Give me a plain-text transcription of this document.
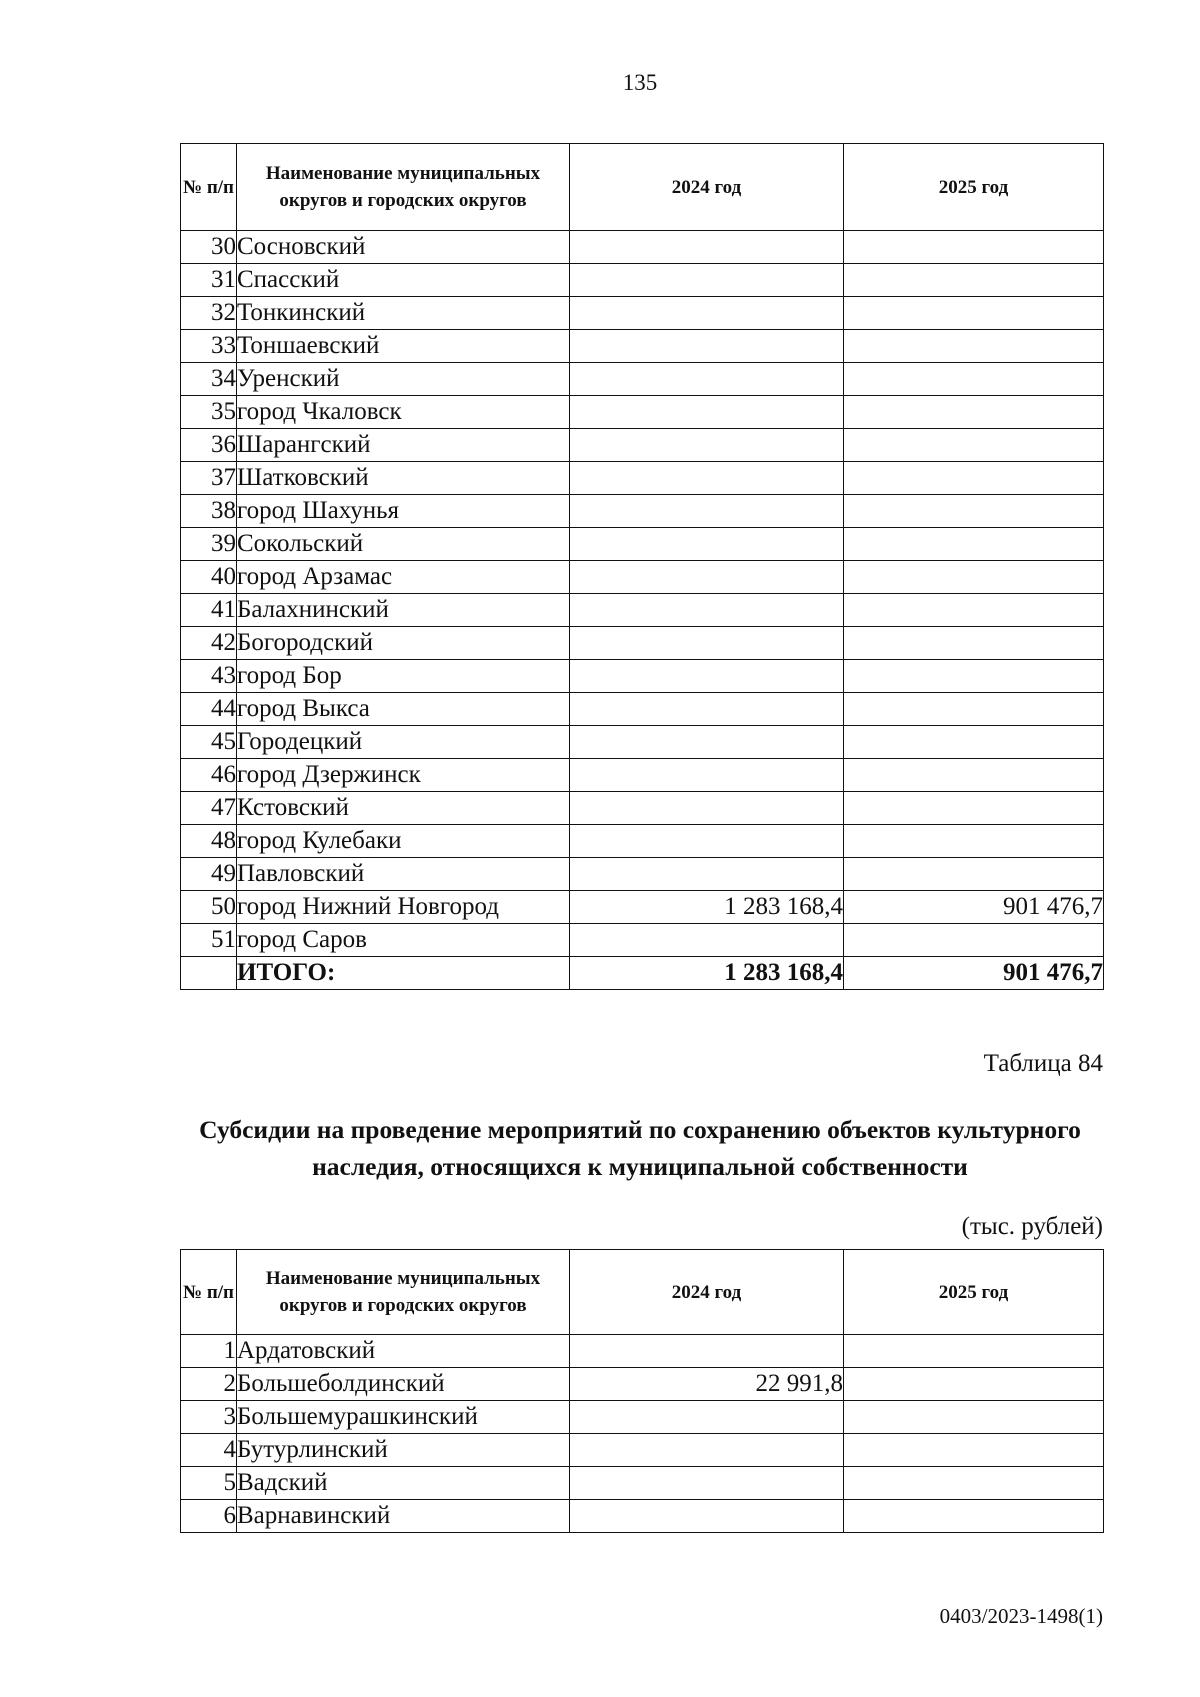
135
№ п/п	Наименование муниципальных округов и городских округов	2024 год	2025 год
30	Сосновский		
31	Спасский		
32	Тонкинский		
33	Тоншаевский		
34	Уренский		
35	город Чкаловск		
36	Шарангский		
37	Шатковский		
38	город Шахунья		
39	Сокольский		
40	город Арзамас		
41	Балахнинский		
42	Богородский		
43	город Бор		
44	город Выкса		
45	Городецкий		
46	город Дзержинск		
47	Кстовский		
48	город Кулебаки		
49	Павловский		
50	город Нижний Новгород	1 283 168,4	901 476,7
51	город Саров		
	ИТОГО:	1 283 168,4	901 476,7
Таблица 84
Субсидии на проведение мероприятий по сохранению объектов культурного наследия, относящихся к муниципальной собственности
(тыс. рублей)
№ п/п	Наименование муниципальных округов и городских округов	2024 год	2025 год
1	Ардатовский		
2	Большеболдинский	22 991,8	
3	Большемурашкинский		
4	Бутурлинский		
5	Вадский		
6	Варнавинский		
0403/2023-1498(1)
